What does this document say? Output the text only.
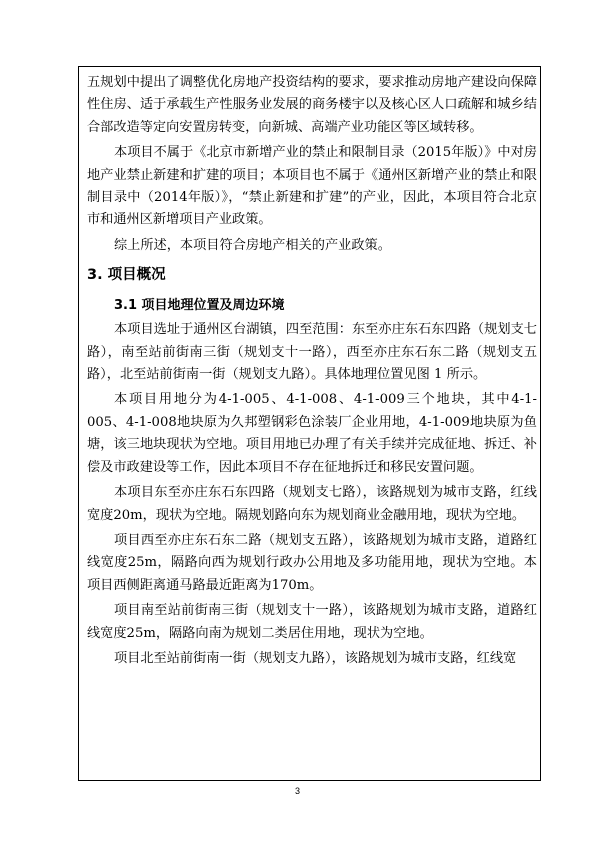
五规划中提出了调整优化房地产投资结构的要求，要求推动房地产建设向保障性住房、适于承载生产性服务业发展的商务楼宇以及核心区人口疏解和城乡结合部改造等定向安置房转变，向新城、高端产业功能区等区域转移。

本项目不属于《北京市新增产业的禁止和限制目录（2015年版）》中对房地产业禁止新建和扩建的项目；本项目也不属于《通州区新增产业的禁止和限制目录中（2014年版）》，“禁止新建和扩建”的产业，因此，本项目符合北京市和通州区新增项目产业政策。

综上所述，本项目符合房地产相关的产业政策。

3. 项目概况
3.1 项目地理位置及周边环境

本项目选址于通州区台湖镇，四至范围：东至亦庄东石东四路（规划支七路），南至站前街南三街（规划支十一路），西至亦庄东石东二路（规划支五路），北至站前街南一街（规划支九路）。具体地理位置见图 1 所示。

本项目用地分为4-1-005、4-1-008、4-1-009三个地块，其中4-1-005、4-1-008地块原为久邦塑钢彩色涂装厂企业用地，4-1-009地块原为鱼塘，该三地块现状为空地。项目用地已办理了有关手续并完成征地、拆迁、补偿及市政建设等工作，因此本项目不存在征地拆迁和移民安置问题。

本项目东至亦庄东石东四路（规划支七路），该路规划为城市支路，红线宽度20m，现状为空地。隔规划路向东为规划商业金融用地，现状为空地。

项目西至亦庄东石东二路（规划支五路），该路规划为城市支路，道路红线宽度25m，隔路向西为规划行政办公用地及多功能用地，现状为空地。本项目西侧距离通马路最近距离为170m。

项目南至站前街南三街（规划支十一路），该路规划为城市支路，道路红线宽度25m，隔路向南为规划二类居住用地，现状为空地。

项目北至站前街南一街（规划支九路），该路规划为城市支路，红线宽

3
